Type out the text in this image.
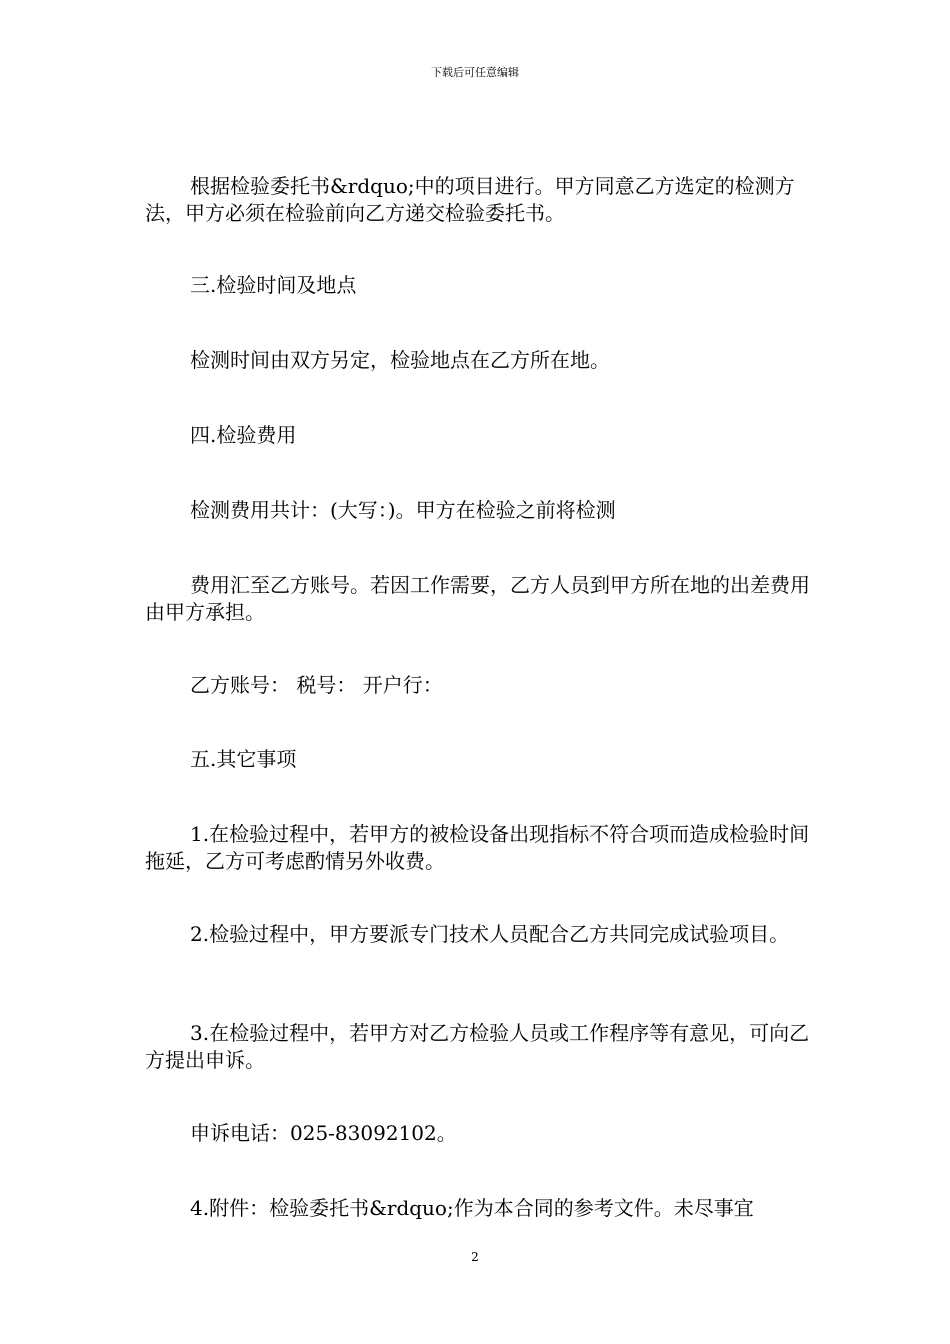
下载后可任意编辑

根据检验委托书&rdquo;中的项目进行。甲方同意乙方选定的检测方法，甲方必须在检验前向乙方递交检验委托书。

三.检验时间及地点

检测时间由双方另定，检验地点在乙方所在地。

四.检验费用

检测费用共计：(大写：)。甲方在检验之前将检测

费用汇至乙方账号。若因工作需要，乙方人员到甲方所在地的出差费用由甲方承担。

乙方账号： 税号： 开户行：

五.其它事项

1.在检验过程中，若甲方的被检设备出现指标不符合项而造成检验时间拖延，乙方可考虑酌情另外收费。

2.检验过程中，甲方要派专门技术人员配合乙方共同完成试验项目。

3.在检验过程中，若甲方对乙方检验人员或工作程序等有意见，可向乙方提出申诉。

申诉电话：025-83092102。

4.附件：检验委托书&rdquo;作为本合同的参考文件。未尽事宜

2
